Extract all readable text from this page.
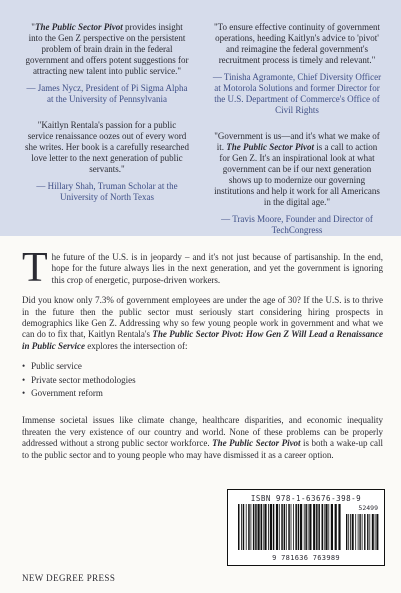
"The Public Sector Pivot provides insight into the Gen Z perspective on the persistent problem of brain drain in the federal government and offers potent suggestions for attracting new talent into public service."

— James Nycz, President of Pi Sigma Alpha at the University of Pennsylvania

"Kaitlyn Rentala's passion for a public service renaissance oozes out of every word she writes. Her book is a carefully researched love letter to the next generation of public servants."

— Hillary Shah, Truman Scholar at the University of North Texas

"To ensure effective continuity of government operations, heeding Kaitlyn's advice to 'pivot' and reimagine the federal government's recruitment process is timely and relevant."

— Tinisha Agramonte, Chief Diversity Officer at Motorola Solutions and former Director for the U.S. Department of Commerce's Office of Civil Rights

"Government is us—and it's what we make of it. The Public Sector Pivot is a call to action for Gen Z. It's an inspirational look at what government can be if our next generation shows up to modernize our governing institutions and help it work for all Americans in the digital age."

— Travis Moore, Founder and Director of TechCongress

The future of the U.S. is in jeopardy – and it's not just because of partisanship. In the end, hope for the future always lies in the next generation, and yet the government is ignoring this crop of energetic, purpose-driven workers.

Did you know only 7.3% of government employees are under the age of 30? If the U.S. is to thrive in the future then the public sector must seriously start considering hiring prospects in demographics like Gen Z. Addressing why so few young people work in government and what we can do to fix that, Kaitlyn Rentala's The Public Sector Pivot: How Gen Z Will Lead a Renaissance in Public Service explores the intersection of:

• Public service
• Private sector methodologies
• Government reform

Immense societal issues like climate change, healthcare disparities, and economic inequality threaten the very existence of our country and world. None of these problems can be properly addressed without a strong public sector workforce. The Public Sector Pivot is both a wake-up call to the public sector and to young people who may have dismissed it as a career option.

ISBN 978-1-63676-398-9
9 781636 763989
52499
NEW DEGREE PRESS
